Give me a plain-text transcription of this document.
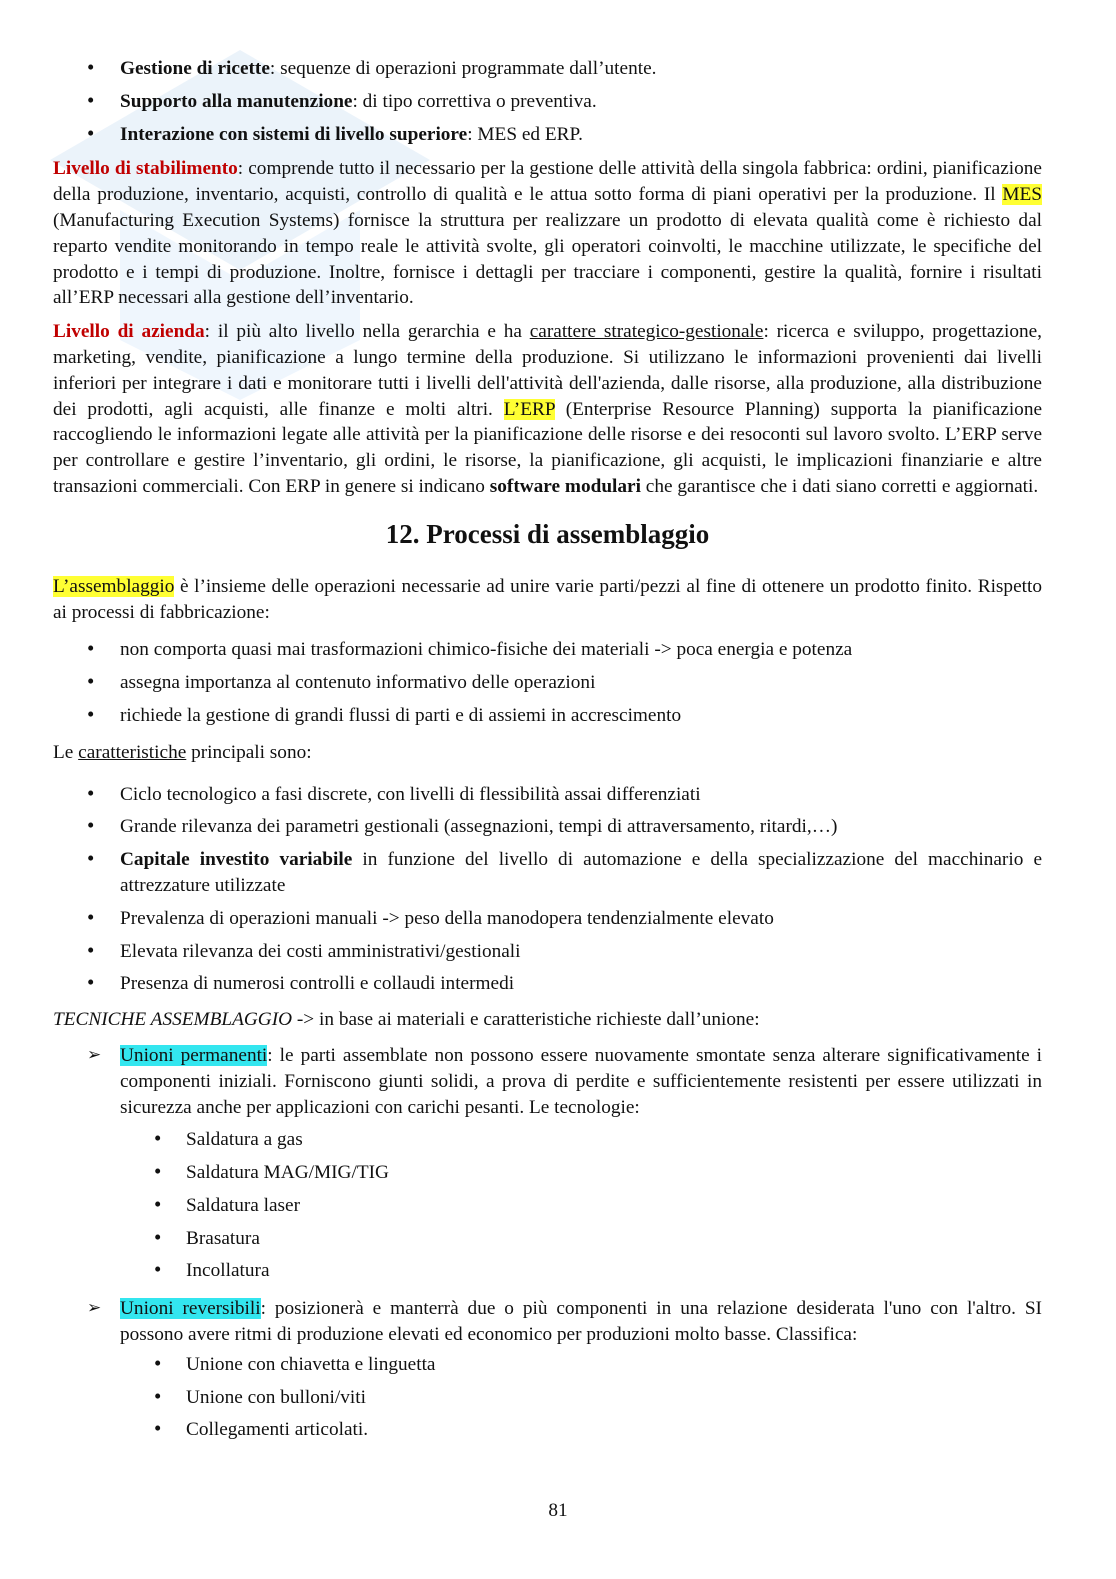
• Gestione di ricette: sequenze di operazioni programmate dall’utente.
• Supporto alla manutenzione: di tipo correttiva o preventiva.
• Interazione con sistemi di livello superiore: MES ed ERP.

Livello di stabilimento: comprende tutto il necessario per la gestione delle attività della singola fabbrica: ordini, pianificazione della produzione, inventario, acquisti, controllo di qualità e le attua sotto forma di piani operativi per la produzione. Il MES (Manufacturing Execution Systems) fornisce la struttura per realizzare un prodotto di elevata qualità come è richiesto dal reparto vendite monitorando in tempo reale le attività svolte, gli operatori coinvolti, le macchine utilizzate, le specifiche del prodotto e i tempi di produzione. Inoltre, fornisce i dettagli per tracciare i componenti, gestire la qualità, fornire i risultati all’ERP necessari alla gestione dell’inventario.

Livello di azienda: il più alto livello nella gerarchia e ha carattere strategico-gestionale: ricerca e sviluppo, progettazione, marketing, vendite, pianificazione a lungo termine della produzione. Si utilizzano le informazioni provenienti dai livelli inferiori per integrare i dati e monitorare tutti i livelli dell'attività dell'azienda, dalle risorse, alla produzione, alla distribuzione dei prodotti, agli acquisti, alle finanze e molti altri. L’ERP (Enterprise Resource Planning) supporta la pianificazione raccogliendo le informazioni legate alle attività per la pianificazione delle risorse e dei resoconti sul lavoro svolto. L’ERP serve per controllare e gestire l’inventario, gli ordini, le risorse, la pianificazione, gli acquisti, le implicazioni finanziarie e altre transazioni commerciali. Con ERP in genere si indicano software modulari che garantisce che i dati siano corretti e aggiornati.

12. Processi di assemblaggio

L’assemblaggio è l’insieme delle operazioni necessarie ad unire varie parti/pezzi al fine di ottenere un prodotto finito. Rispetto ai processi di fabbricazione:

• non comporta quasi mai trasformazioni chimico-fisiche dei materiali -> poca energia e potenza
• assegna importanza al contenuto informativo delle operazioni
• richiede la gestione di grandi flussi di parti e di assiemi in accrescimento

Le caratteristiche principali sono:

• Ciclo tecnologico a fasi discrete, con livelli di flessibilità assai differenziati
• Grande rilevanza dei parametri gestionali (assegnazioni, tempi di attraversamento, ritardi,…)
• Capitale investito variabile in funzione del livello di automazione e della specializzazione del macchinario e attrezzature utilizzate
• Prevalenza di operazioni manuali -> peso della manodopera tendenzialmente elevato
• Elevata rilevanza dei costi amministrativi/gestionali
• Presenza di numerosi controlli e collaudi intermedi

TECNICHE ASSEMBLAGGIO -> in base ai materiali e caratteristiche richieste dall’unione:

➢ Unioni permanenti: le parti assemblate non possono essere nuovamente smontate senza alterare significativamente i componenti iniziali. Forniscono giunti solidi, a prova di perdite e sufficientemente resistenti per essere utilizzati in sicurezza anche per applicazioni con carichi pesanti. Le tecnologie:

• Saldatura a gas
• Saldatura MAG/MIG/TIG
• Saldatura laser
• Brasatura
• Incollatura

➢ Unioni reversibili: posizionerà e manterrà due o più componenti in una relazione desiderata l'uno con l'altro. SI possono avere ritmi di produzione elevati ed economico per produzioni molto basse. Classifica:

• Unione con chiavetta e linguetta
• Unione con bulloni/viti
• Collegamenti articolati.
81
